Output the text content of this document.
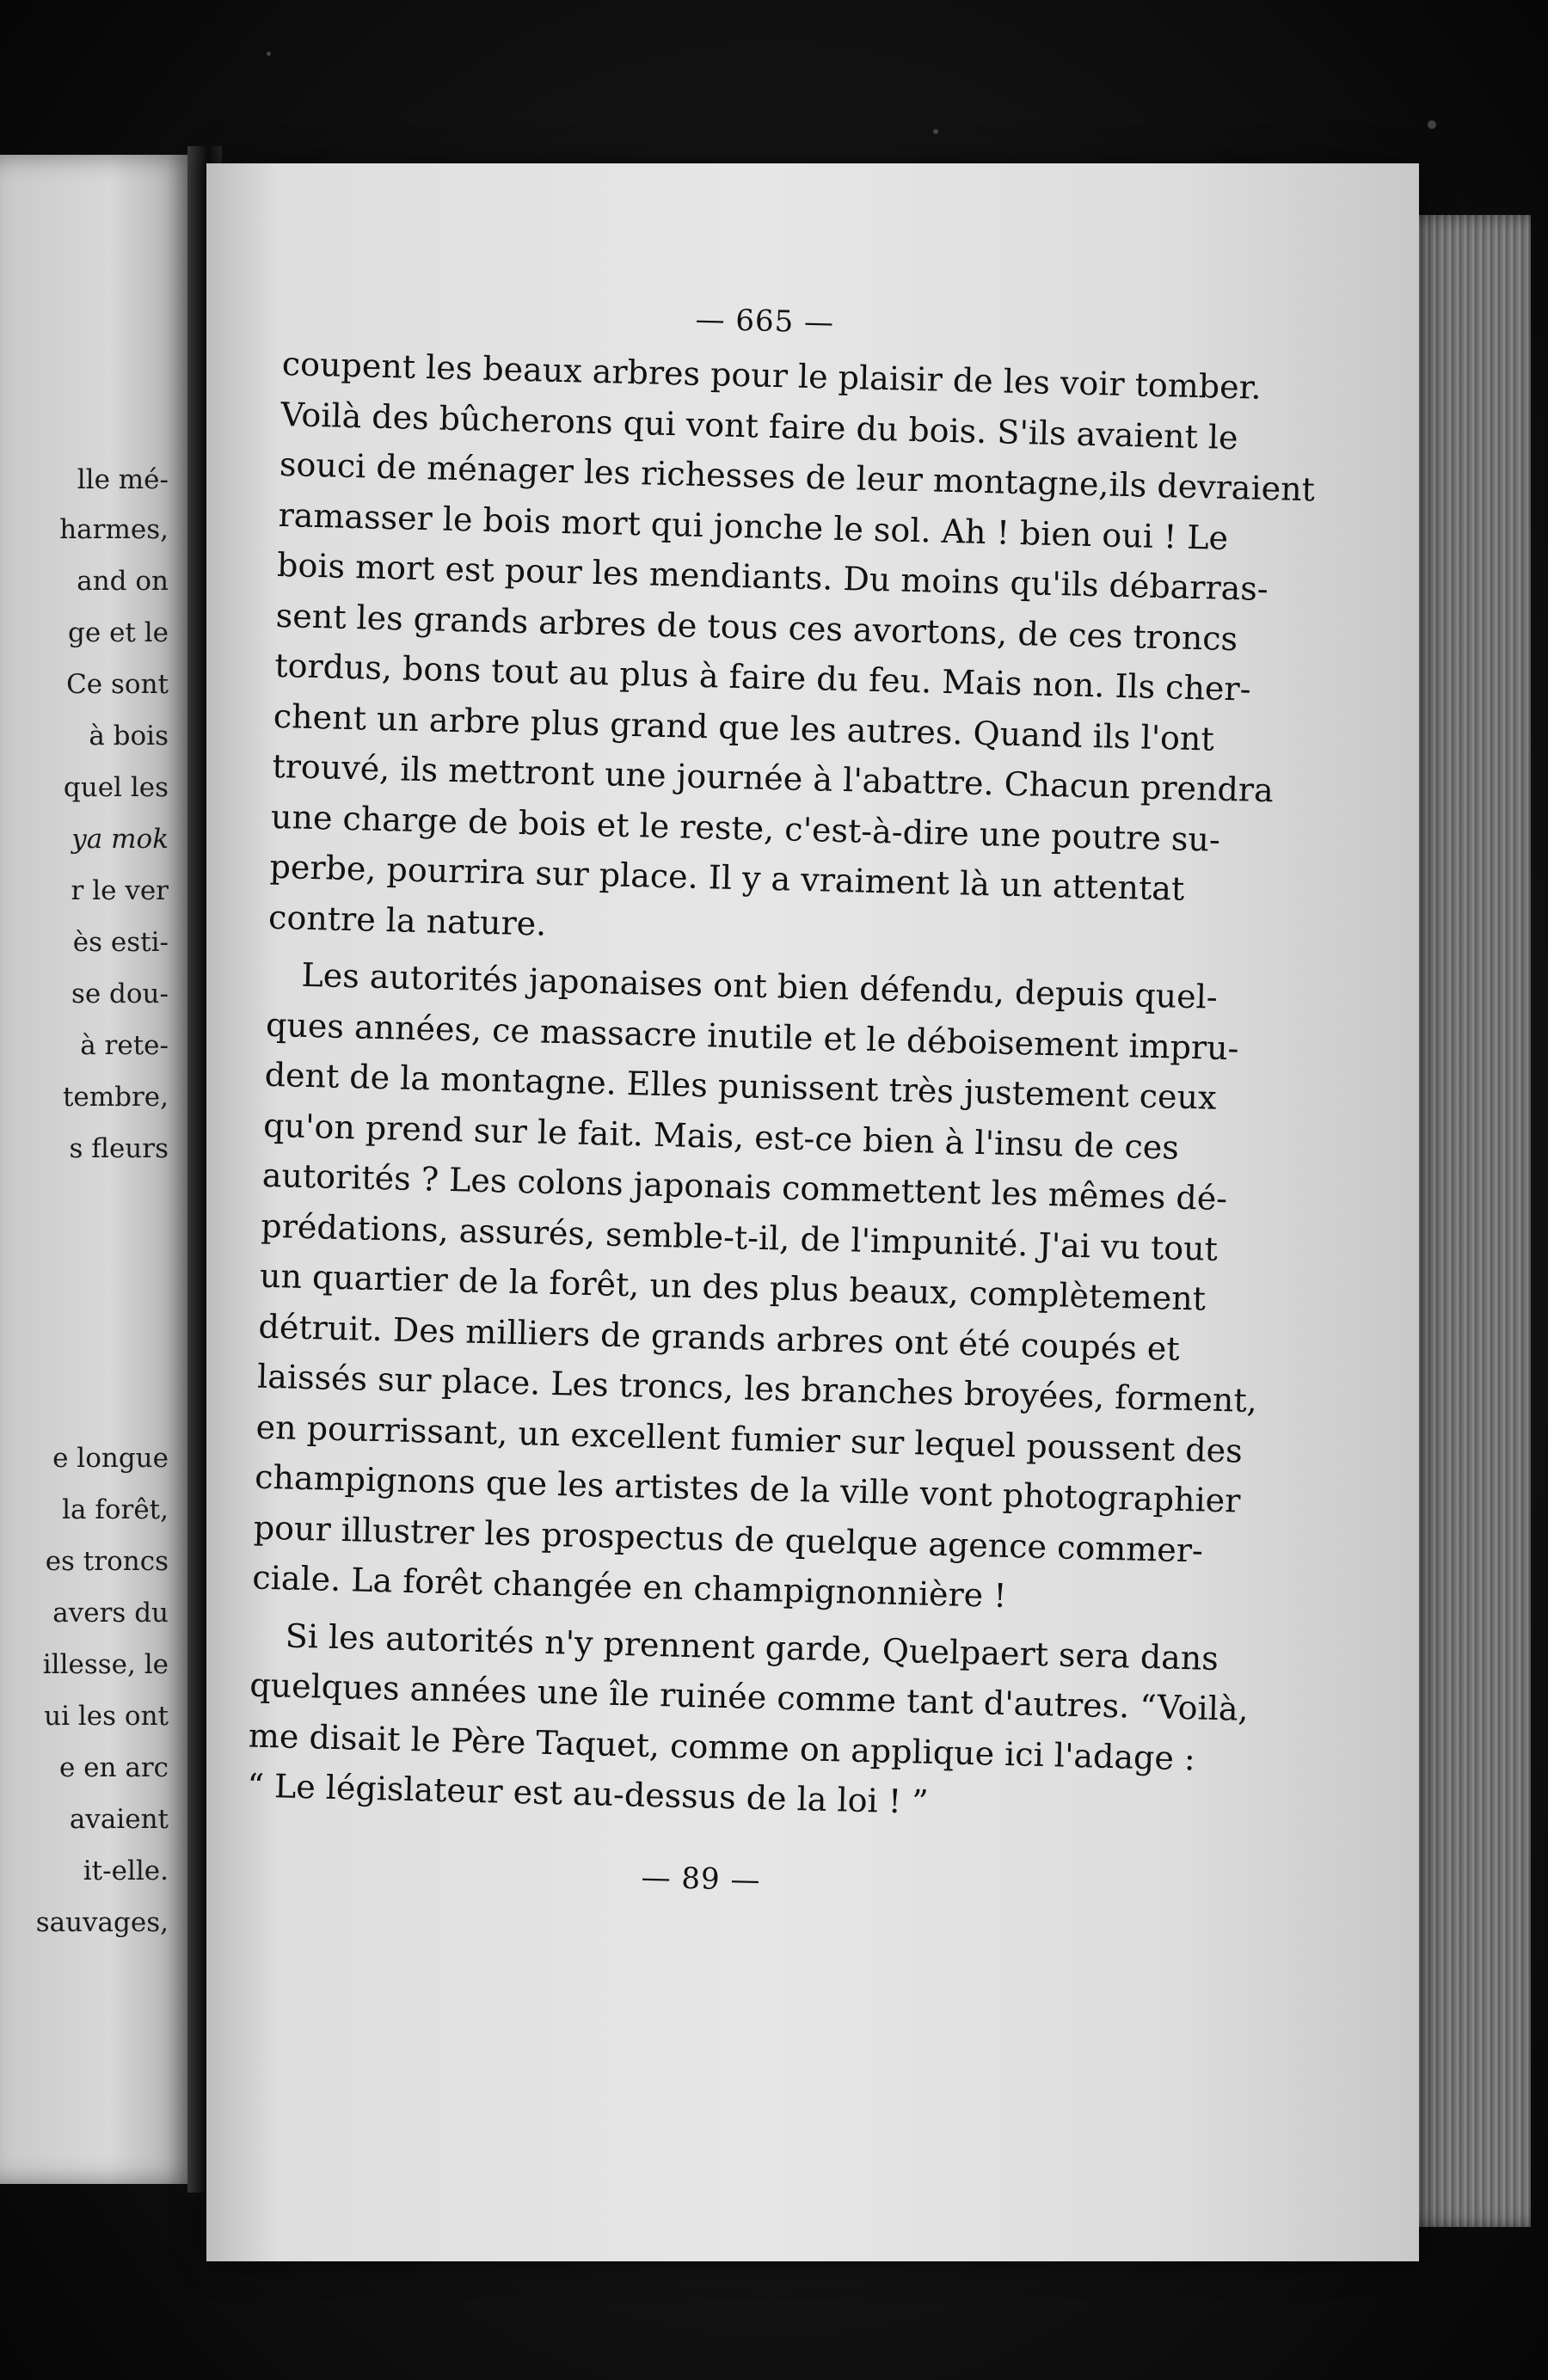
lle mé-
harmes,
and on
ge et le
Ce sont
à bois
quel les
ya mok
r le ver
ès esti-
se dou-
à rete-
tembre,
s fleurs
e longue
la forêt,
es troncs
avers du
illesse, le
ui les ont
e en arc
avaient
it-elle.
sauvages,
— 665 —
coupent les beaux arbres pour le plaisir de les voir tomber.
Voilà des bûcherons qui vont faire du bois. S'ils avaient le
souci de ménager les richesses de leur montagne,ils devraient
ramasser le bois mort qui jonche le sol. Ah ! bien oui ! Le
bois mort est pour les mendiants. Du moins qu'ils débarras-
sent les grands arbres de tous ces avortons, de ces troncs
tordus, bons tout au plus à faire du feu. Mais non. Ils cher-
chent un arbre plus grand que les autres. Quand ils l'ont
trouvé, ils mettront une journée à l'abattre. Chacun prendra
une charge de bois et le reste, c'est-à-dire une poutre su-
perbe, pourrira sur place. Il y a vraiment là un attentat
contre la nature.
Les autorités japonaises ont bien défendu, depuis quel-
ques années, ce massacre inutile et le déboisement impru-
dent de la montagne. Elles punissent très justement ceux
qu'on prend sur le fait. Mais, est-ce bien à l'insu de ces
autorités ? Les colons japonais commettent les mêmes dé-
prédations, assurés, semble-t-il, de l'impunité. J'ai vu tout
un quartier de la forêt, un des plus beaux, complètement
détruit. Des milliers de grands arbres ont été coupés et
laissés sur place. Les troncs, les branches broyées, forment,
en pourrissant, un excellent fumier sur lequel poussent des
champignons que les artistes de la ville vont photographier
pour illustrer les prospectus de quelque agence commer-
ciale. La forêt changée en champignonnière !
Si les autorités n'y prennent garde, Quelpaert sera dans
quelques années une île ruinée comme tant d'autres. “Voilà,
me disait le Père Taquet, comme on applique ici l'adage :
“ Le législateur est au-dessus de la loi ! ”
— 89 —
